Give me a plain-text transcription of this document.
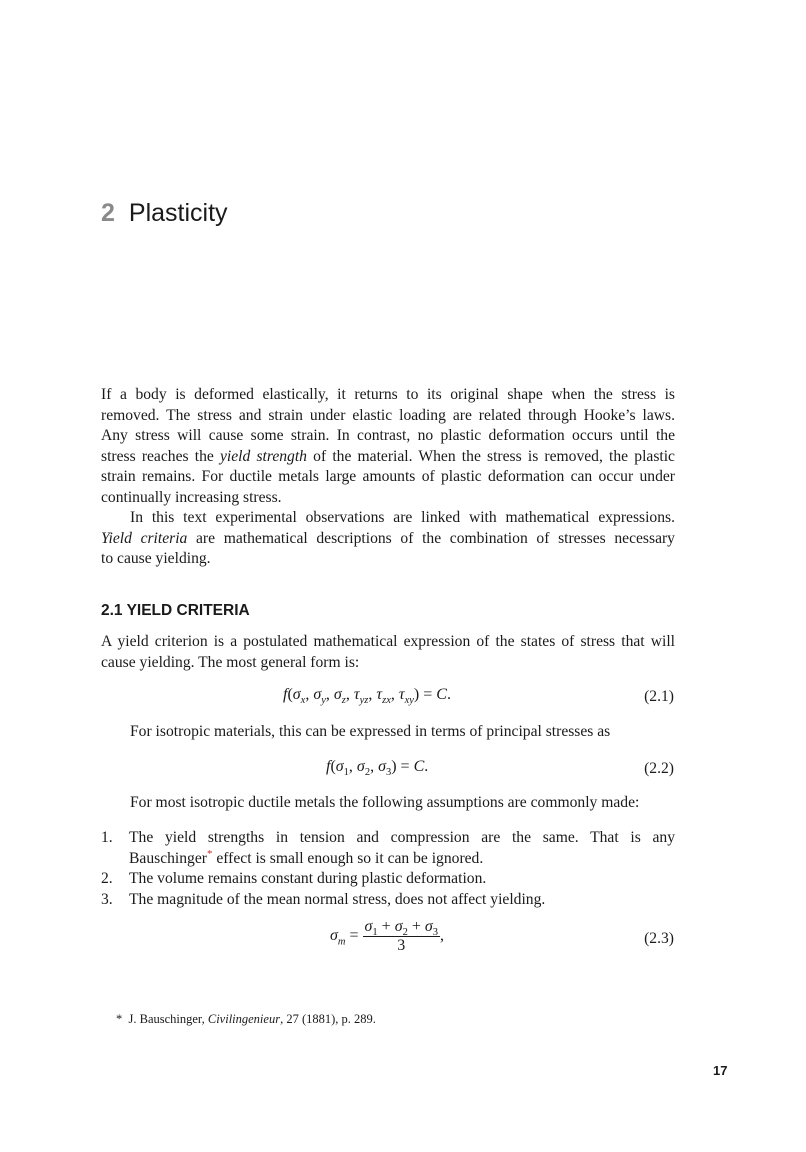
2 Plasticity
If a body is deformed elastically, it returns to its original shape when the stress is
removed. The stress and strain under elastic loading are related through Hooke’s laws.
Any stress will cause some strain. In contrast, no plastic deformation occurs until the
stress reaches the yield strength of the material. When the stress is removed, the plastic
strain remains. For ductile metals large amounts of plastic deformation can occur under
continually increasing stress.
In this text experimental observations are linked with mathematical expressions.
Yield criteria are mathematical descriptions of the combination of stresses necessary
to cause yielding.
2.1 YIELD CRITERIA
A yield criterion is a postulated mathematical expression of the states of stress that will
cause yielding. The most general form is:
$f(\sigma_x$, $\sigma_y$, $\sigma_z$, $\tau_{yz}$, $\tau_{zx}$, $\tau_{xy}) = C$.	(2.1)
For isotropic materials, this can be expressed in terms of principal stresses as
$f(\sigma_1$, $\sigma_2$, $\sigma_3) = C$.	(2.2)
For most isotropic ductile metals the following assumptions are commonly made:
1. The yield strengths in tension and compression are the same. That is any
Bauschinger* effect is small enough so it can be ignored.
2. The volume remains constant during plastic deformation.
3. The magnitude of the mean normal stress, does not affect yielding.
$\sigma_m = \frac{\sigma_1 + \sigma_2 + \sigma_3}{3}$ ,	(2.3)
* J. Bauschinger, Civilingenieur, 27 (1881), p. 289.
17
